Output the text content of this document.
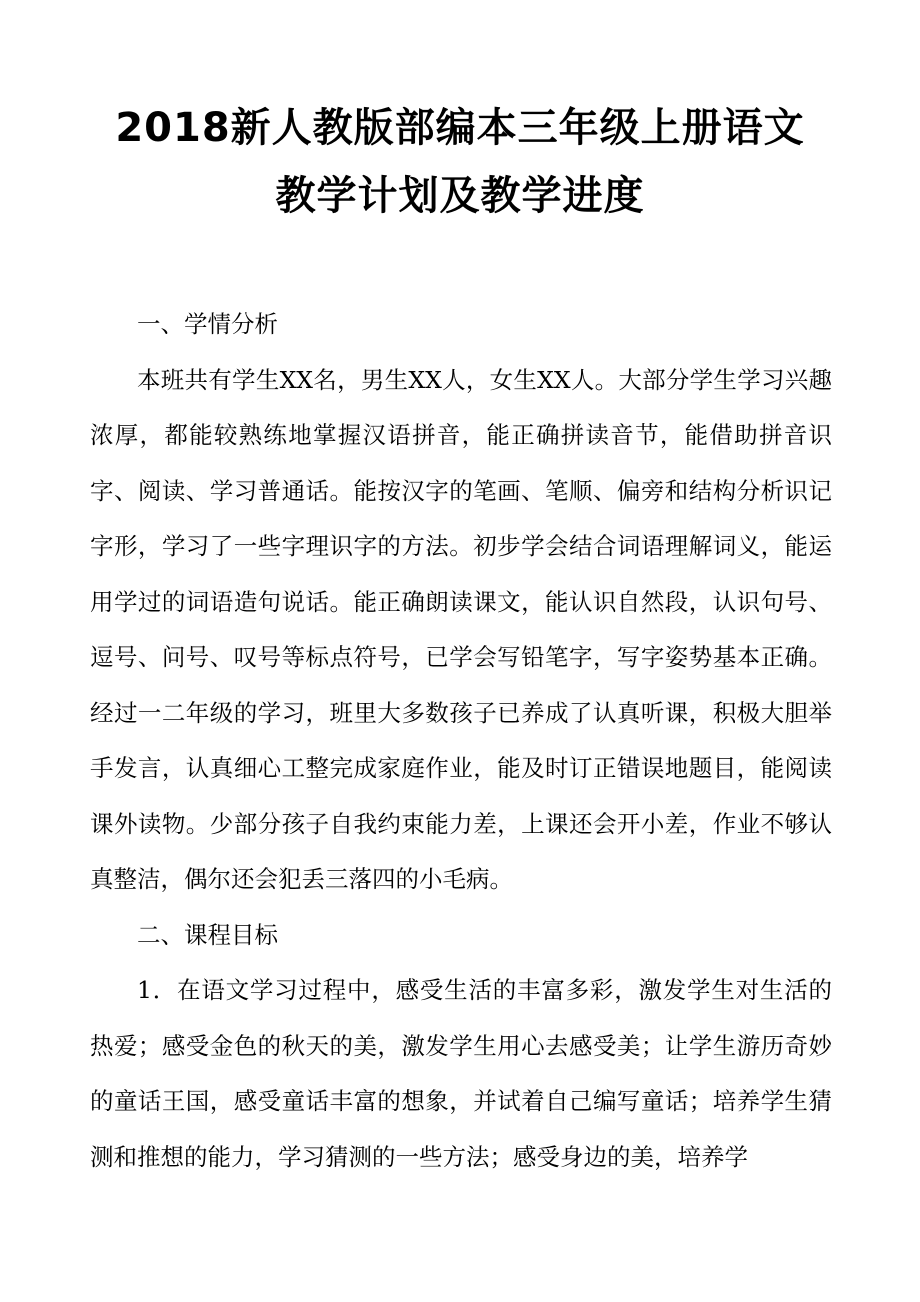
2018新人教版部编本三年级上册语文
教学计划及教学进度

一、学情分析

本班共有学生XX名，男生XX人，女生XX人。大部分学生学习兴趣浓厚，都能较熟练地掌握汉语拼音，能正确拼读音节，能借助拼音识字、阅读、学习普通话。能按汉字的笔画、笔顺、偏旁和结构分析识记字形，学习了一些字理识字的方法。初步学会结合词语理解词义，能运用学过的词语造句说话。能正确朗读课文，能认识自然段，认识句号、逗号、问号、叹号等标点符号，已学会写铅笔字，写字姿势基本正确。经过一二年级的学习，班里大多数孩子已养成了认真听课，积极大胆举手发言，认真细心工整完成家庭作业，能及时订正错误地题目，能阅读课外读物。少部分孩子自我约束能力差，上课还会开小差，作业不够认真整洁，偶尔还会犯丢三落四的小毛病。

二、课程目标

1．在语文学习过程中，感受生活的丰富多彩，激发学生对生活的热爱；感受金色的秋天的美，激发学生用心去感受美；让学生游历奇妙的童话王国，感受童话丰富的想象，并试着自己编写童话；培养学生猜测和推想的能力，学习猜测的一些方法；感受身边的美，培养学
